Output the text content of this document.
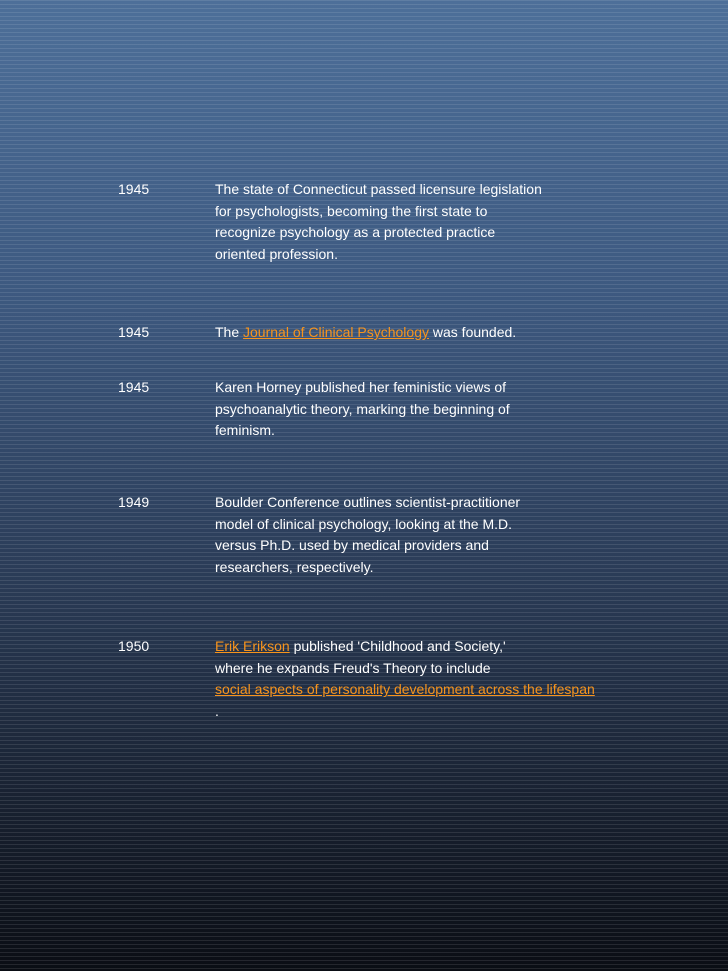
1945	The state of Connecticut passed licensure legislation
for psychologists, becoming the first state to
recognize psychology as a protected practice
oriented profession.
1945	The Journal of Clinical Psychology was founded.
1945	Karen Horney published her feministic views of
psychoanalytic theory, marking the beginning of
feminism.
1949	Boulder Conference outlines scientist-practitioner
model of clinical psychology, looking at the M.D.
versus Ph.D. used by medical providers and
researchers, respectively.
1950	Erik Erikson published 'Childhood and Society,'
where he expands Freud's Theory to include
social aspects of personality development across the lifespan
.
